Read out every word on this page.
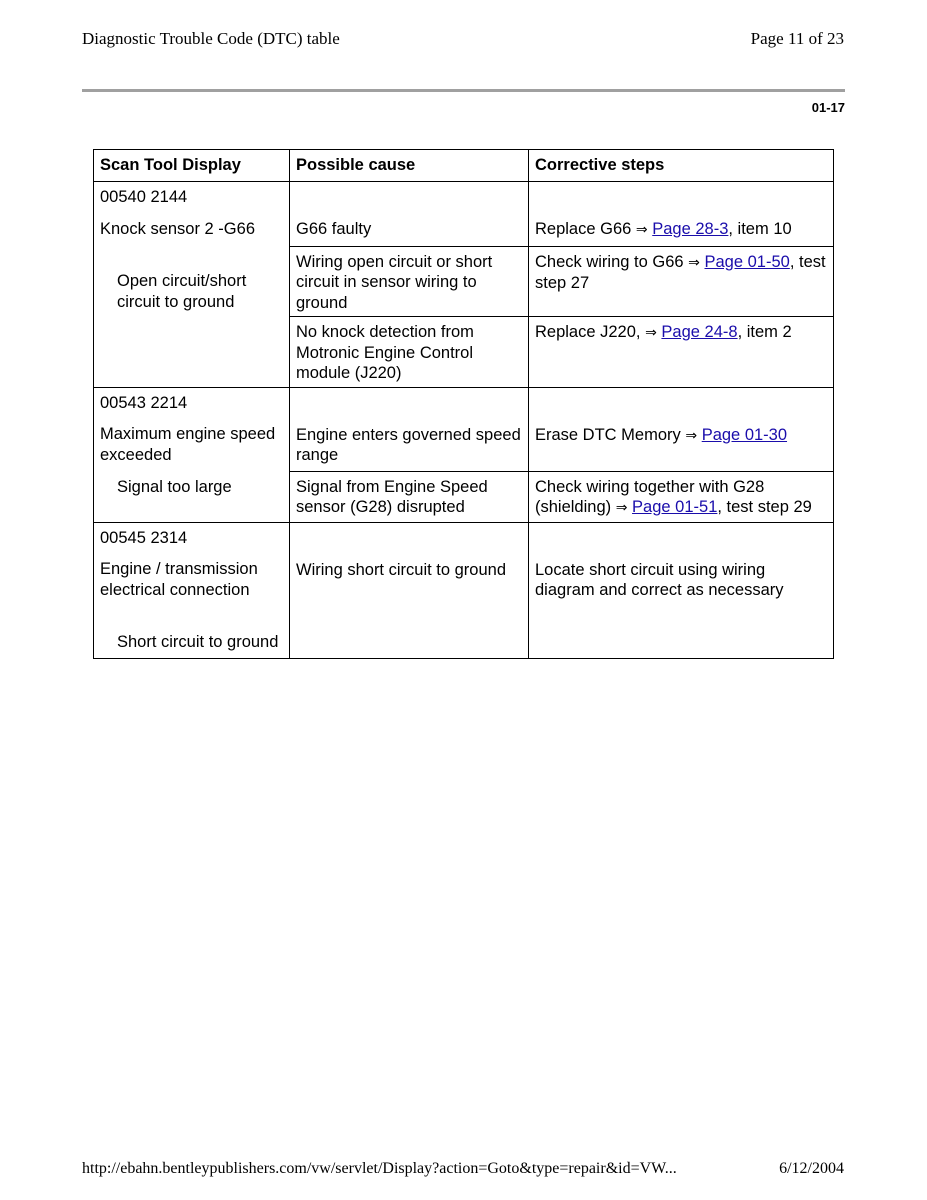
Diagnostic Trouble Code (DTC) table	Page 11 of 23
01-17
Scan Tool Display	Possible cause	Corrective steps

00540 2144

Knock sensor 2 -G66

Open circuit/short circuit to ground	G66 faulty	Replace G66 ⇒ Page 28-3, item 10

	Wiring open circuit or short circuit in sensor wiring to ground	Check wiring to G66 ⇒ Page 01-50, test step 27

	No knock detection from Motronic Engine Control module (J220)	Replace J220, ⇒ Page 24-8, item 2

00543 2214

Maximum engine speed exceeded

Signal too large	Engine enters governed speed range	Erase DTC Memory ⇒ Page 01-30

	Signal from Engine Speed sensor (G28) disrupted	Check wiring together with G28 (shielding) ⇒ Page 01-51, test step 29

00545 2314

Engine / transmission electrical connection

Short circuit to ground	Wiring short circuit to ground	Locate short circuit using wiring diagram and correct as necessary

http://ebahn.bentleypublishers.com/vw/servlet/Display?action=Goto&type=repair&id=VW...	6/12/2004
